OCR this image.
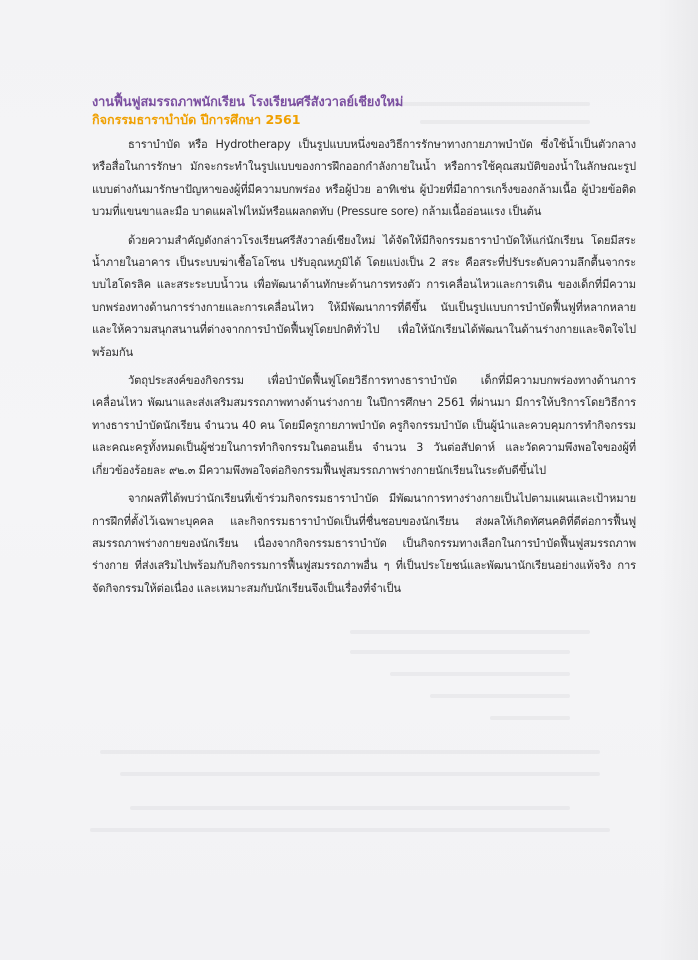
งานฟื้นฟูสมรรถภาพนักเรียน โรงเรียนศรีสังวาลย์เชียงใหม่
กิจกรรมธาราบำบัด ปีการศึกษา 2561

ธาราบำบัด หรือ Hydrotherapy เป็นรูปแบบหนึ่งของวิธีการรักษาทางกายภาพบำบัด ซึ่งใช้น้ำเป็นตัวกลางหรือสื่อในการรักษา มักจะกระทำในรูปแบบของการฝึกออกกำลังกายในน้ำ หรือการใช้คุณสมบัติของน้ำในลักษณะรูปแบบต่างกันมารักษาปัญหาของผู้ที่มีความบกพร่อง หรือผู้ป่วย อาทิเช่น ผู้ป่วยที่มีอาการเกร็งของกล้ามเนื้อ ผู้ป่วยข้อติดบวมที่แขนขาและมือ บาดแผลไฟไหม้หรือแผลกดทับ (Pressure sore) กล้ามเนื้ออ่อนแรง เป็นต้น

ด้วยความสำคัญดังกล่าวโรงเรียนศรีสังวาลย์เชียงใหม่ ได้จัดให้มีกิจกรรมธาราบำบัดให้แก่นักเรียน โดยมีสระน้ำภายในอาคาร เป็นระบบฆ่าเชื้อโอโซน ปรับอุณหภูมิได้ โดยแบ่งเป็น 2 สระ คือสระที่ปรับระดับความลึกตื้นจากระบบไฮโดรลิค และสระระบบน้ำวน เพื่อพัฒนาด้านทักษะด้านการทรงตัว การเคลื่อนไหวและการเดิน ของเด็กที่มีความบกพร่องทางด้านการร่างกายและการเคลื่อนไหว ให้มีพัฒนาการที่ดีขึ้น นับเป็นรูปแบบการบำบัดฟื้นฟูที่หลากหลาย และให้ความสนุกสนานที่ต่างจากการบำบัดฟื้นฟูโดยปกติทั่วไป เพื่อให้นักเรียนได้พัฒนาในด้านร่างกายและจิตใจไปพร้อมกัน

วัตถุประสงค์ของกิจกรรม เพื่อบำบัดฟื้นฟูโดยวิธีการทางธาราบำบัด เด็กที่มีความบกพร่องทางด้านการเคลื่อนไหว พัฒนาและส่งเสริมสมรรถภาพทางด้านร่างกาย ในปีการศึกษา 2561 ที่ผ่านมา มีการให้บริการโดยวิธีการทางธาราบำบัดนักเรียน จำนวน 40 คน โดยมีครูกายภาพบำบัด ครูกิจกรรมบำบัด เป็นผู้นำและควบคุมการทำกิจกรรม และคณะครูทั้งหมดเป็นผู้ช่วยในการทำกิจกรรมในตอนเย็น จำนวน 3 วันต่อสัปดาห์ และวัดความพึงพอใจของผู้ที่เกี่ยวข้องร้อยละ ๙๒.๓ มีความพึงพอใจต่อกิจกรรมฟื้นฟูสมรรถภาพร่างกายนักเรียนในระดับดีขึ้นไป

จากผลที่ได้พบว่านักเรียนที่เข้าร่วมกิจกรรมธาราบำบัด มีพัฒนาการทางร่างกายเป็นไปตามแผนและเป้าหมายการฝึกที่ตั้งไว้เฉพาะบุคคล และกิจกรรมธาราบำบัดเป็นที่ชื่นชอบของนักเรียน ส่งผลให้เกิดทัศนคติที่ดีต่อการฟื้นฟูสมรรถภาพร่างกายของนักเรียน เนื่องจากกิจกรรมธาราบำบัด เป็นกิจกรรมทางเลือกในการบำบัดฟื้นฟูสมรรถภาพร่างกาย ที่ส่งเสริมไปพร้อมกับกิจกรรมการฟื้นฟูสมรรถภาพอื่น ๆ ที่เป็นประโยชน์และพัฒนานักเรียนอย่างแท้จริง การจัดกิจกรรมให้ต่อเนื่อง และเหมาะสมกับนักเรียนจึงเป็นเรื่องที่จำเป็น
